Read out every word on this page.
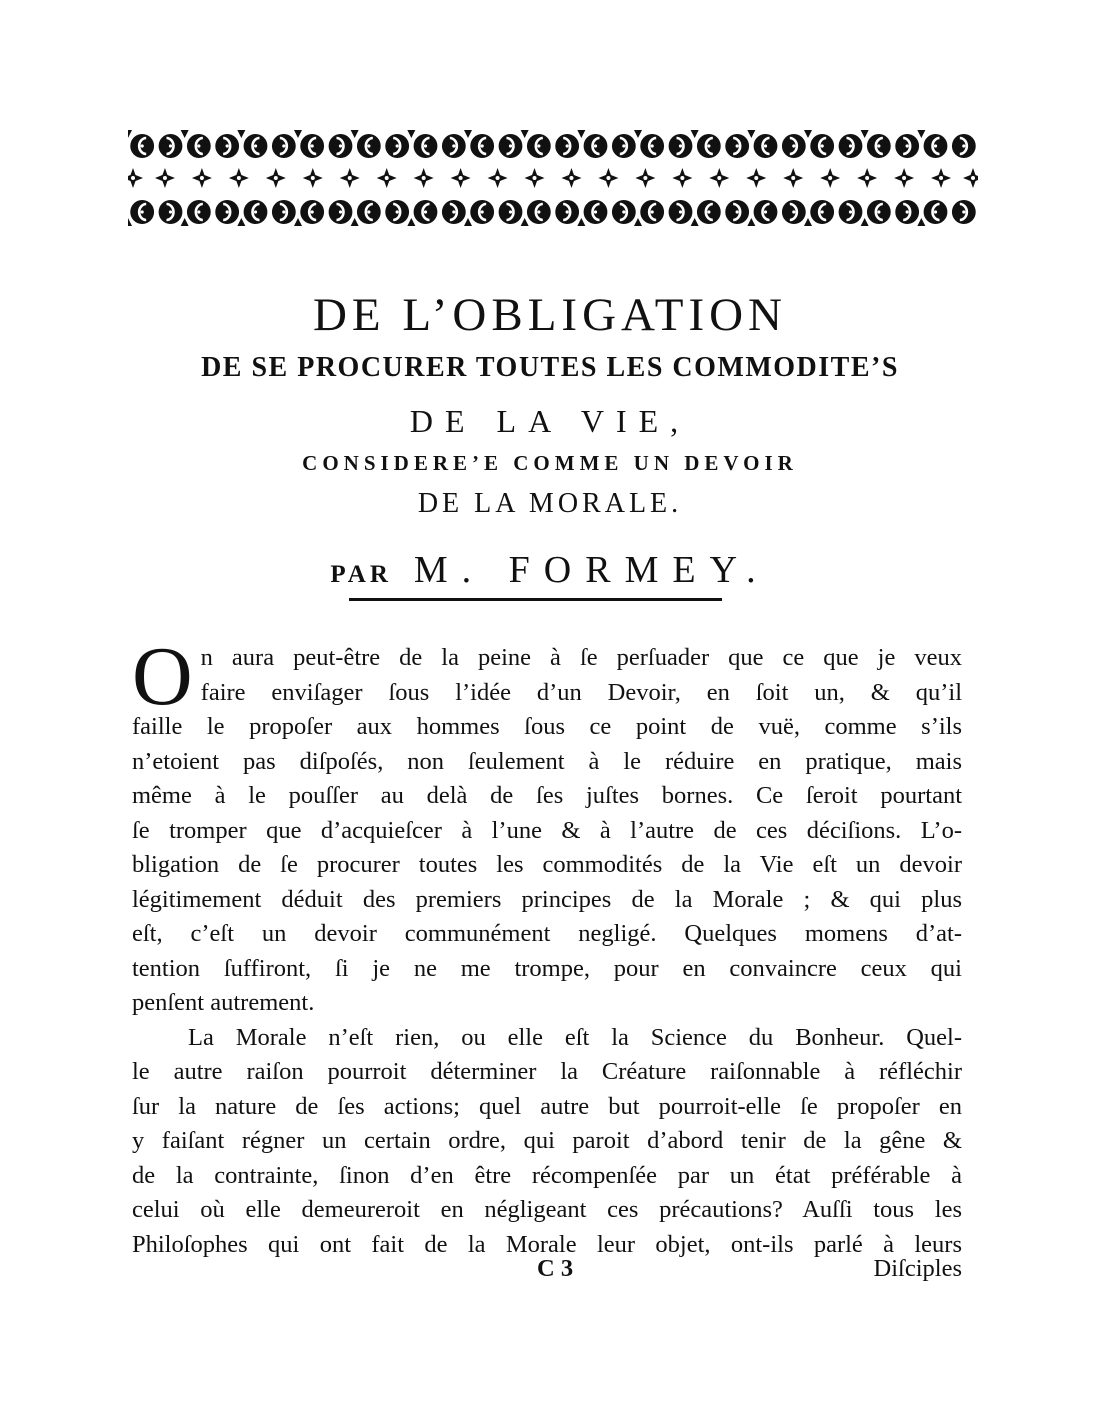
DE L’OBLIGATION
DE SE PROCURER TOUTES LES COMMODITE’S
DE LA VIE,
CONSIDERE’E COMME UN DEVOIR
DE LA MORALE.
PAR M. FORMEY.
O n aura peut-être de la peine à ſe perſuader que ce que je veux
faire enviſager ſous l’idée d’un Devoir, en ſoit un, & qu’il
faille le propoſer aux hommes ſous ce point de vuë, comme s’ils
n’etoient pas diſpoſés, non ſeulement à le réduire en pratique, mais
même à le pouſſer au delà de ſes juſtes bornes. Ce ſeroit pourtant
ſe tromper que d’acquieſcer à l’une & à l’autre de ces déciſions. L’o-
bligation de ſe procurer toutes les commodités de la Vie eſt un devoir
légitimement déduit des premiers principes de la Morale ; & qui plus
eſt, c’eſt un devoir communément negligé. Quelques momens d’at-
tention ſuffiront, ſi je ne me trompe, pour en convaincre ceux qui
penſent autrement.
La Morale n’eſt rien, ou elle eſt la Science du Bonheur. Quel-
le autre raiſon pourroit déterminer la Créature raiſonnable à réfléchir
ſur la nature de ſes actions; quel autre but pourroit-elle ſe propoſer en
y faiſant régner un certain ordre, qui paroit d’abord tenir de la gêne &
de la contrainte, ſinon d’en être récompenſée par un état préférable à
celui où elle demeureroit en négligeant ces précautions? Auſſi tous les
Philoſophes qui ont fait de la Morale leur objet, ont-ils parlé à leurs
C 3	Diſciples
